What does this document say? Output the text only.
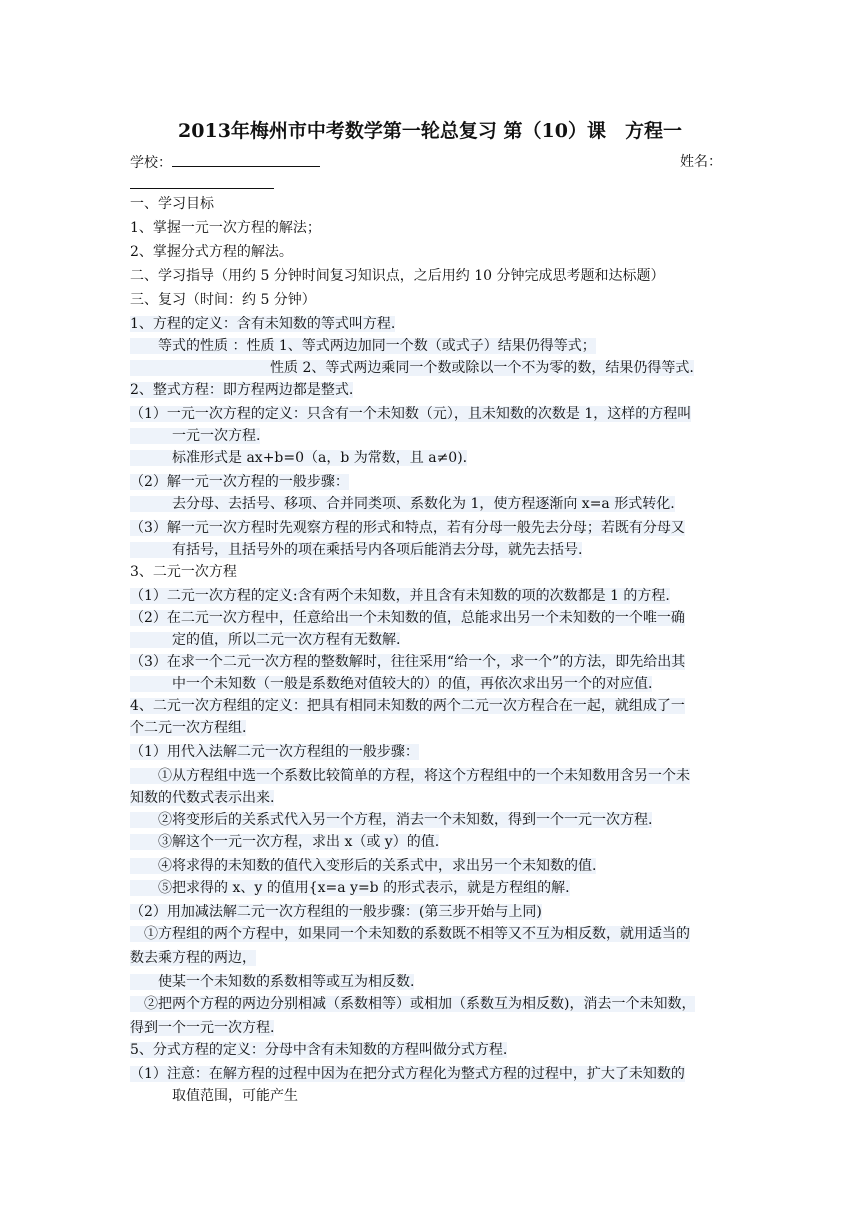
2013年梅州市中考数学第一轮总复习 第（10）课　方程一
学校：	姓名：
一、学习目标
1、掌握一元一次方程的解法；
2、掌握分式方程的解法。
二、学习指导（用约 5 分钟时间复习知识点，之后用约 10 分钟完成思考题和达标题）
三、复习（时间：约 5 分钟）
1、方程的定义：含有未知数的等式叫方程.
　　等式的性质 ：性质 1、等式两边加同一个数（或式子）结果仍得等式；
　　　　　　　　　　性质 2、等式两边乘同一个数或除以一个不为零的数，结果仍得等式.
2、整式方程：即方程两边都是整式.
（1）一元一次方程的定义：只含有一个未知数（元），且未知数的次数是 1，这样的方程叫
　　　一元一次方程.
　　　标准形式是 ax+b=0（a，b 为常数，且 a≠0).
（2）解一元一次方程的一般步骤：
　　　去分母、去括号、移项、合并同类项、系数化为 1，使方程逐渐向 x=a 形式转化.
（3）解一元一次方程时先观察方程的形式和特点，若有分母一般先去分母；若既有分母又
　　　有括号，且括号外的项在乘括号内各项后能消去分母，就先去括号.
3、二元一次方程
（1）二元一次方程的定义:含有两个未知数，并且含有未知数的项的次数都是 1 的方程.
（2）在二元一次方程中，任意给出一个未知数的值，总能求出另一个未知数的一个唯一确
　　　定的值，所以二元一次方程有无数解.
（3）在求一个二元一次方程的整数解时，往往采用“给一个，求一个”的方法，即先给出其
　　　中一个未知数（一般是系数绝对值较大的）的值，再依次求出另一个的对应值.
4、二元一次方程组的定义：把具有相同未知数的两个二元一次方程合在一起，就组成了一
个二元一次方程组.
（1）用代入法解二元一次方程组的一般步骤：
　　①从方程组中选一个系数比较简单的方程，将这个方程组中的一个未知数用含另一个未
知数的代数式表示出来.
　　②将变形后的关系式代入另一个方程，消去一个未知数，得到一个一元一次方程.
　　③解这个一元一次方程，求出 x（或 y）的值.
　　④将求得的未知数的值代入变形后的关系式中，求出另一个未知数的值.
　　⑤把求得的 x、y 的值用{x=a y=b 的形式表示，就是方程组的解.
（2）用加减法解二元一次方程组的一般步骤：(第三步开始与上同)
　①方程组的两个方程中，如果同一个未知数的系数既不相等又不互为相反数，就用适当的
数去乘方程的两边，
　　使某一个未知数的系数相等或互为相反数.
　②把两个方程的两边分别相减（系数相等）或相加（系数互为相反数)，消去一个未知数，
得到一个一元一次方程.
5、分式方程的定义：分母中含有未知数的方程叫做分式方程.
（1）注意：在解方程的过程中因为在把分式方程化为整式方程的过程中，扩大了未知数的
　　　取值范围，可能产生
